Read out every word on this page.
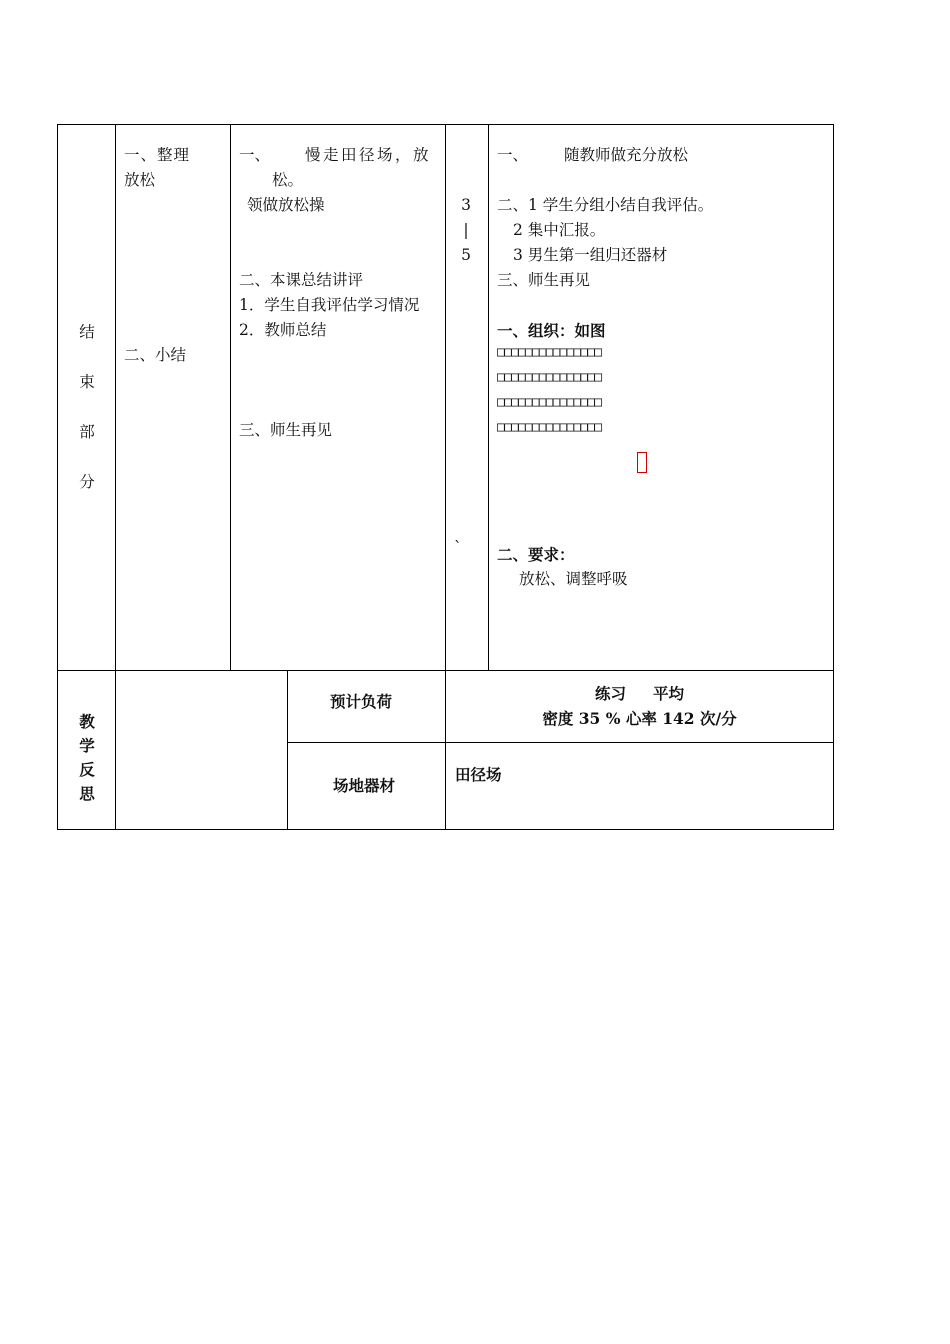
结
束
部
分
一、整理
放松
二、小结
一、 慢走田径场，放
松。
领做放松操
二、本课总结讲评
1．学生自我评估学习情况
2．教师总结
三、师生再见
3
|
5
`
一、 随教师做充分放松
二、1 学生分组小结自我评估。
2 集中汇报。
3 男生第一组归还器材
三、师生再见
一、组织：如图
□□□□□□□□□□□□□□□
□□□□□□□□□□□□□□□
□□□□□□□□□□□□□□□
□□□□□□□□□□□□□□□
二、要求：
放松、调整呼吸
教
学
反
思
预计负荷	练习     平均
密度 35 % 心率 142 次/分
场地器材
田径场
